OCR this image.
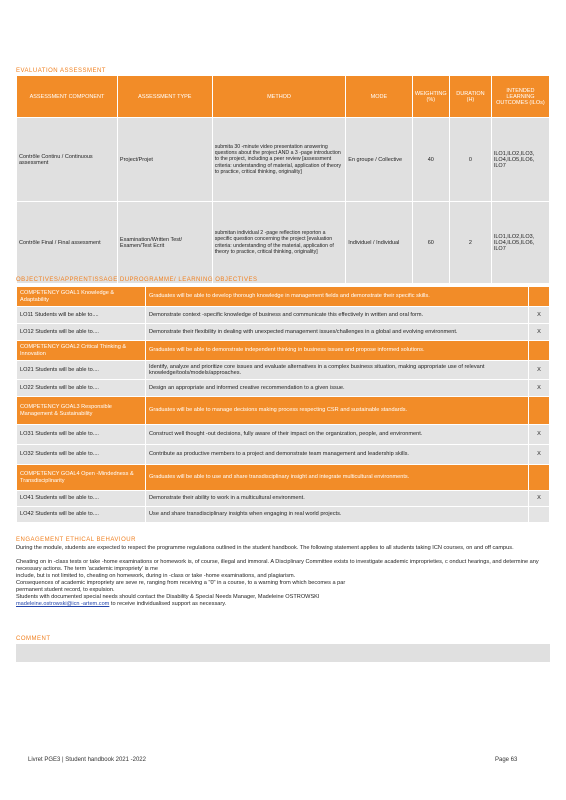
EVALUATION ASSESSMENT
ASSESSMENT COMPONENT	ASSESSMENT TYPE	METHOD	MODE	WEIGHTING (%)	DURATION (H)	INTENDED LEARNING OUTCOMES (ILOs)
Contrôle Continu / Continuous assessment	Project/Projet	submita 30 -minute video presentation answering questions about the project AND a 3 -page introduction to the project, including a peer review [assessment criteria: understanding of material, application of theory to practice, critical thinking, originality]	En groupe / Collective	40	0	ILO1,ILO2,ILO3, ILO4,ILO5,ILO6, ILO7
Contrôle Final / Final assessment	Examination/Written Test/ Examen/Test Ecrit	submitan individual 2 -page reflection reporton a specific question concerning the project [evaluation criteria: understanding of the material, application of theory to practice, critical thinking, originality]	Individuel / Individual	60	2	ILO1,ILO2,ILO3, ILO4,ILO5,ILO6, ILO7
OBJECTIVES/APPRENTISSAGE DUPROGRAMME/ LEARNING OBJECTIVES
COMPETENCY GOAL1 Knowledge & Adaptability	Graduates will be able to develop thorough knowledge in management fields and demonstrate their specific skills.	
LO11 Students will be able to....	Demonstrate context -specific knowledge of business and communicate this effectively in written and oral form.	X
LO12 Students will be able to....	Demonstrate their flexibility in dealing with unexpected management issues/challenges in a global and evolving environment.	X
COMPETENCY GOAL2 Critical Thinking & Innovation	Graduates will be able to demonstrate independent thinking in business issues and propose informed solutions.	
LO21 Students will be able to....	Identify, analyze and prioritize core issues and evaluate alternatives in a complex business situation, making appropriate use of relevant knowledge/tools/models/approaches.	X
LO22 Students will be able to....	Design an appropriate and informed creative recommendation to a given issue.	X
COMPETENCY GOAL3 Responsible Management & Sustainability	Graduates will be able to manage decisions making process respecting CSR and sustainable standards.	
LO31 Students will be able to....	Construct well thought -out decisions, fully aware of their impact on the organization, people, and environment.	X
LO32 Students will be able to....	Contribute as productive members to a project and demonstrate team management and leadership skills.	X
COMPETENCY GOAL4 Open -Mindedness & Transdisciplinarity	Graduates will be able to use and share transdisciplinary insight and integrate multicultural environments.	
LO41 Students will be able to....	Demonstrate their ability to work in a multicultural environment.	X
LO42 Students will be able to....	Use and share transdisciplinary insights when engaging in real world projects.	
ENGAGEMENT ETHICAL BEHAVIOUR
During the module, students are expected to respect the programme regulations outlined in the student handbook. The following statement applies to all students taking ICN courses, on and off campus.
Cheating on in -class tests or take -home examinations or homework is, of course, illegal and immoral. A Disciplinary Committee exists to investigate academic improprieties, c onduct hearings, and determine any necessary actions. The term 'academic impropriety' is me
include, but is not limited to, cheating on homework, during in -class or take -home examinations, and plagiarism.
Consequences of academic impropriety are seve re, ranging from receiving a "0" in a course, to a warning from which becomes a par
permanent student record, to expulsion.
Students with documented special needs should contact the Disability & Special Needs Manager, Madeleine OSTROWSKI
madeleine.ostrowski@icn -artem.com to receive individualised support as necessary.
COMMENT
Livret PGE3 | Student handbook 2021 -2022	Page 63
